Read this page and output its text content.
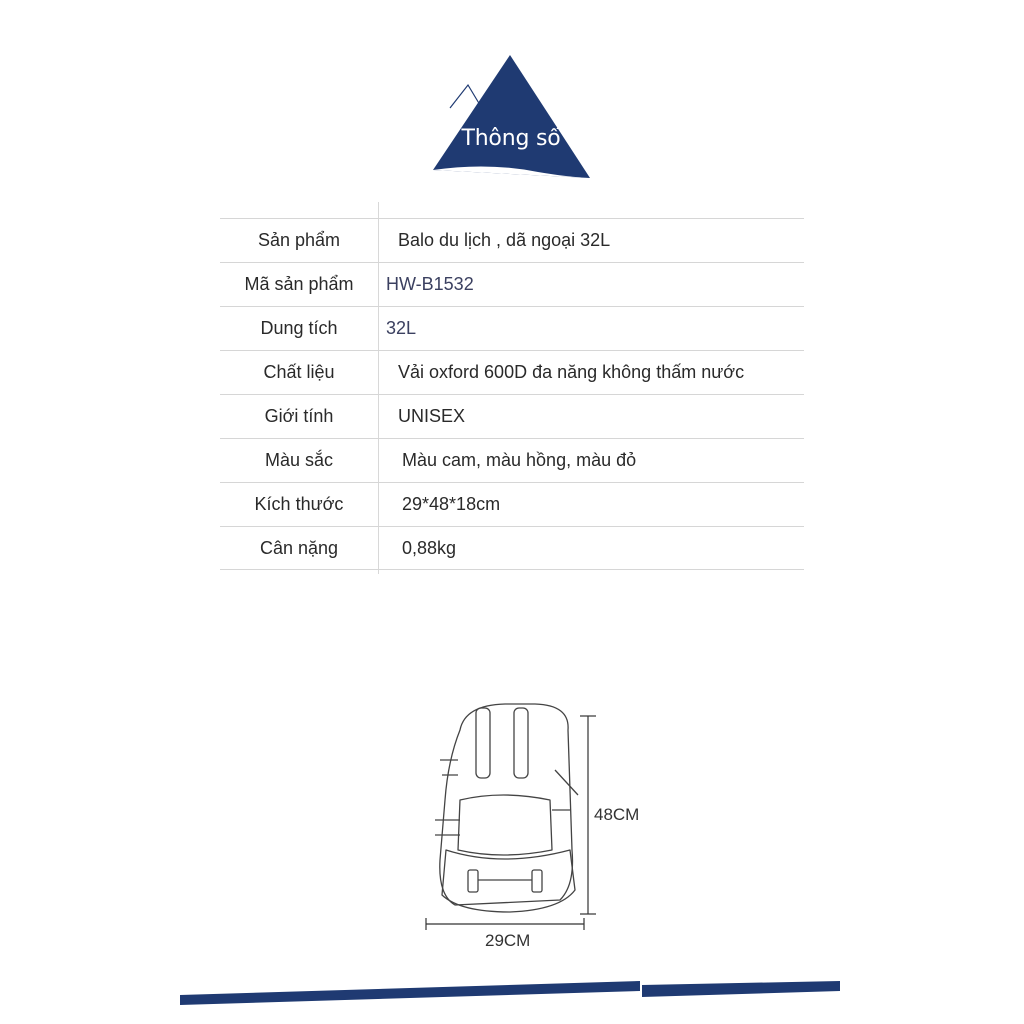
Thông số
Sản phẩm	Balo du lịch , dã ngoại 32L
Mã sản phẩm	HW-B1532
Dung tích	32L
Chất liệu	Vải oxford 600D đa năng không thấm nước
Giới tính	UNISEX
Màu sắc	Màu cam, màu hồng, màu đỏ
Kích thước	29*48*18cm
Cân nặng	0,88kg
48CM
29CM
